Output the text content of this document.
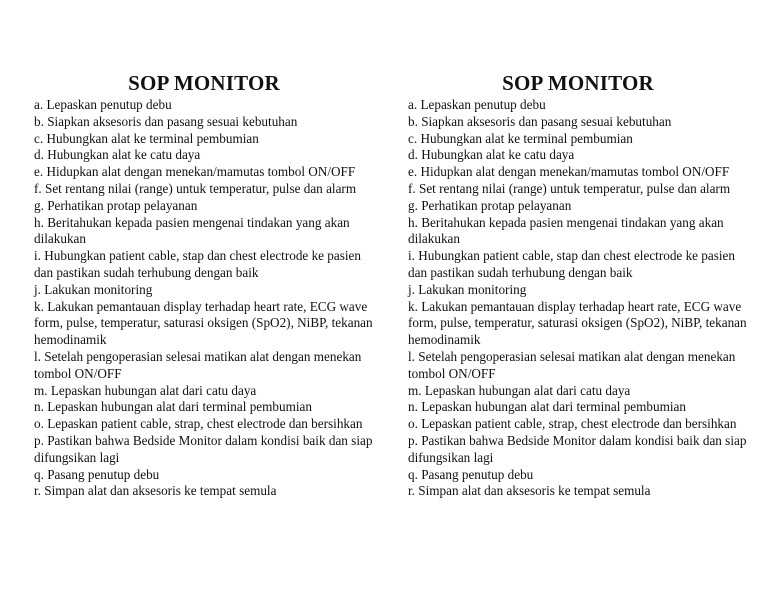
SOP MONITOR
a. Lepaskan penutup debu
b. Siapkan aksesoris dan pasang sesuai kebutuhan
c. Hubungkan alat ke terminal pembumian
d. Hubungkan alat ke catu daya
e. Hidupkan alat dengan menekan/mamutas tombol ON/OFF
f. Set rentang nilai (range) untuk temperatur, pulse dan alarm
g. Perhatikan protap pelayanan
h. Beritahukan kepada pasien mengenai tindakan yang akan dilakukan
i. Hubungkan patient cable, stap dan chest electrode ke pasien dan pastikan sudah terhubung dengan baik
j. Lakukan monitoring
k. Lakukan pemantauan display terhadap heart rate, ECG wave form, pulse, temperatur, saturasi oksigen (SpO2), NiBP, tekanan hemodinamik
l. Setelah pengoperasian selesai matikan alat dengan menekan tombol ON/OFF
m. Lepaskan hubungan alat dari catu daya
n. Lepaskan hubungan alat dari terminal pembumian
o. Lepaskan patient cable, strap, chest electrode dan bersihkan
p. Pastikan bahwa Bedside Monitor dalam kondisi baik dan siap difungsikan lagi
q. Pasang penutup debu
r. Simpan alat dan aksesoris ke tempat semula
SOP MONITOR
a. Lepaskan penutup debu
b. Siapkan aksesoris dan pasang sesuai kebutuhan
c. Hubungkan alat ke terminal pembumian
d. Hubungkan alat ke catu daya
e. Hidupkan alat dengan menekan/mamutas tombol ON/OFF
f. Set rentang nilai (range) untuk temperatur, pulse dan alarm
g. Perhatikan protap pelayanan
h. Beritahukan kepada pasien mengenai tindakan yang akan dilakukan
i. Hubungkan patient cable, stap dan chest electrode ke pasien dan pastikan sudah terhubung dengan baik
j. Lakukan monitoring
k. Lakukan pemantauan display terhadap heart rate, ECG wave form, pulse, temperatur, saturasi oksigen (SpO2), NiBP, tekanan hemodinamik
l. Setelah pengoperasian selesai matikan alat dengan menekan tombol ON/OFF
m. Lepaskan hubungan alat dari catu daya
n. Lepaskan hubungan alat dari terminal pembumian
o. Lepaskan patient cable, strap, chest electrode dan bersihkan
p. Pastikan bahwa Bedside Monitor dalam kondisi baik dan siap difungsikan lagi
q. Pasang penutup debu
r. Simpan alat dan aksesoris ke tempat semula
